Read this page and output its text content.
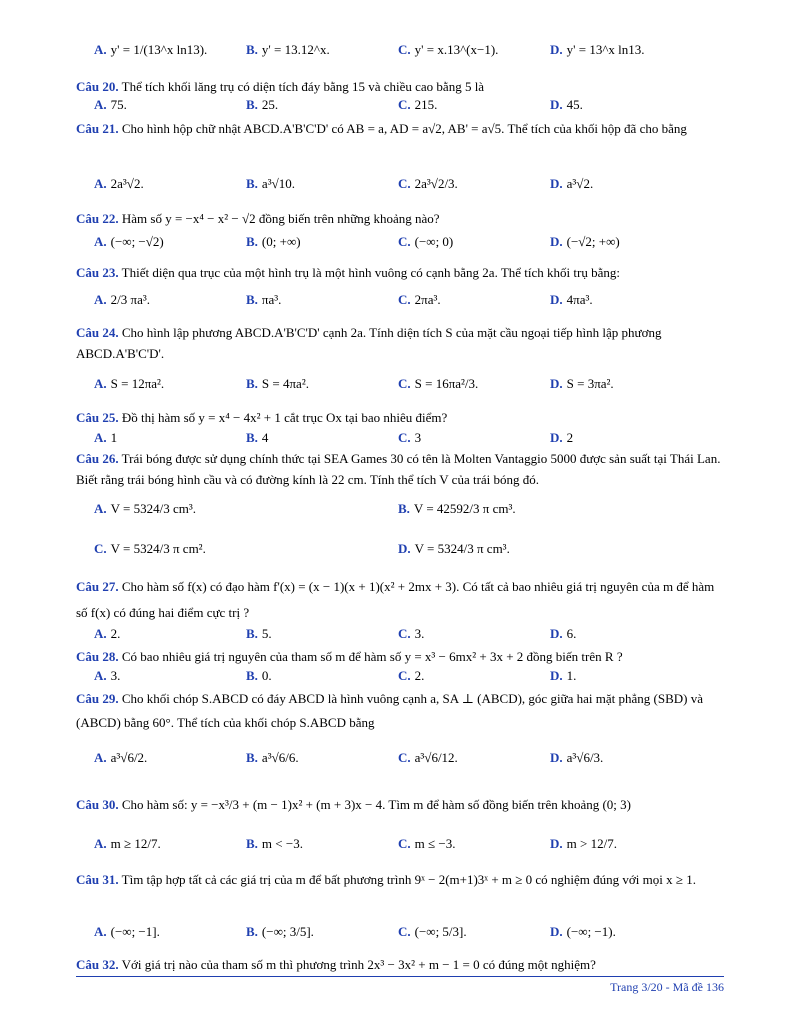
A. y' = 1/(13^x ln13).	B. y' = 13.12^x.	C. y' = x.13^(x−1).	D. y' = 13^x ln13.
Câu 20. Thể tích khối lăng trụ có diện tích đáy bằng 15 và chiều cao bằng 5 là
A. 75.	B. 25.	C. 215.	D. 45.
Câu 21. Cho hình hộp chữ nhật ABCD.A'B'C'D' có AB = a, AD = a√2, AB' = a√5. Thể tích của khối hộp đã cho bằng
A. 2a³√2.	B. a³√10.	C. 2a³√2/3.	D. a³√2.
Câu 22. Hàm số y = −x⁴ − x² − √2 đồng biến trên những khoảng nào?
A. (−∞; −√2)	B. (0; +∞)	C. (−∞; 0)	D. (−√2; +∞)
Câu 23. Thiết diện qua trục của một hình trụ là một hình vuông có cạnh bằng 2a. Thể tích khối trụ bằng:
A. 2/3 πa³.	B. πa³.	C. 2πa³.	D. 4πa³.
Câu 24. Cho hình lập phương ABCD.A'B'C'D' cạnh 2a. Tính diện tích S của mặt cầu ngoại tiếp hình lập phương ABCD.A'B'C'D'.
A. S = 12πa².	B. S = 4πa².	C. S = 16πa²/3.	D. S = 3πa².
Câu 25. Đồ thị hàm số y = x⁴ − 4x² + 1 cắt trục Ox tại bao nhiêu điểm?
A. 1	B. 4	C. 3	D. 2
Câu 26. Trái bóng được sử dụng chính thức tại SEA Games 30 có tên là Molten Vantaggio 5000 được sản suất tại Thái Lan. Biết rằng trái bóng hình cầu và có đường kính là 22 cm. Tính thể tích V của trái bóng đó.
A. V = 5324/3 cm³.	B. V = 42592/3 π cm³.
C. V = 5324/3 π cm².	D. V = 5324/3 π cm³.
Câu 27. Cho hàm số f(x) có đạo hàm f'(x) = (x − 1)(x + 1)(x² + 2mx + 3). Có tất cả bao nhiêu giá trị nguyên của m để hàm số f(x) có đúng hai điểm cực trị ?
A. 2.	B. 5.	C. 3.	D. 6.
Câu 28. Có bao nhiêu giá trị nguyên của tham số m để hàm số y = x³ − 6mx² + 3x + 2 đồng biến trên R ?
A. 3.	B. 0.	C. 2.	D. 1.
Câu 29. Cho khối chóp S.ABCD có đáy ABCD là hình vuông cạnh a, SA ⊥ (ABCD), góc giữa hai mặt phẳng (SBD) và (ABCD) bằng 60°. Thể tích của khối chóp S.ABCD bằng
A. a³√6/2.	B. a³√6/6.	C. a³√6/12.	D. a³√6/3.
Câu 30. Cho hàm số: y = −x³/3 + (m − 1)x² + (m + 3)x − 4. Tìm m để hàm số đồng biến trên khoảng (0; 3)
A. m ≥ 12/7.	B. m < −3.	C. m ≤ −3.	D. m > 12/7.
Câu 31. Tìm tập hợp tất cả các giá trị của m để bất phương trình 9ˣ − 2(m+1)3ˣ + m ≥ 0 có nghiệm đúng với mọi x ≥ 1.
A. (−∞; −1].	B. (−∞; 3/5].	C. (−∞; 5/3].	D. (−∞; −1).
Câu 32. Với giá trị nào của tham số m thì phương trình 2x³ − 3x² + m − 1 = 0 có đúng một nghiệm?
Trang 3/20 - Mã đề 136
